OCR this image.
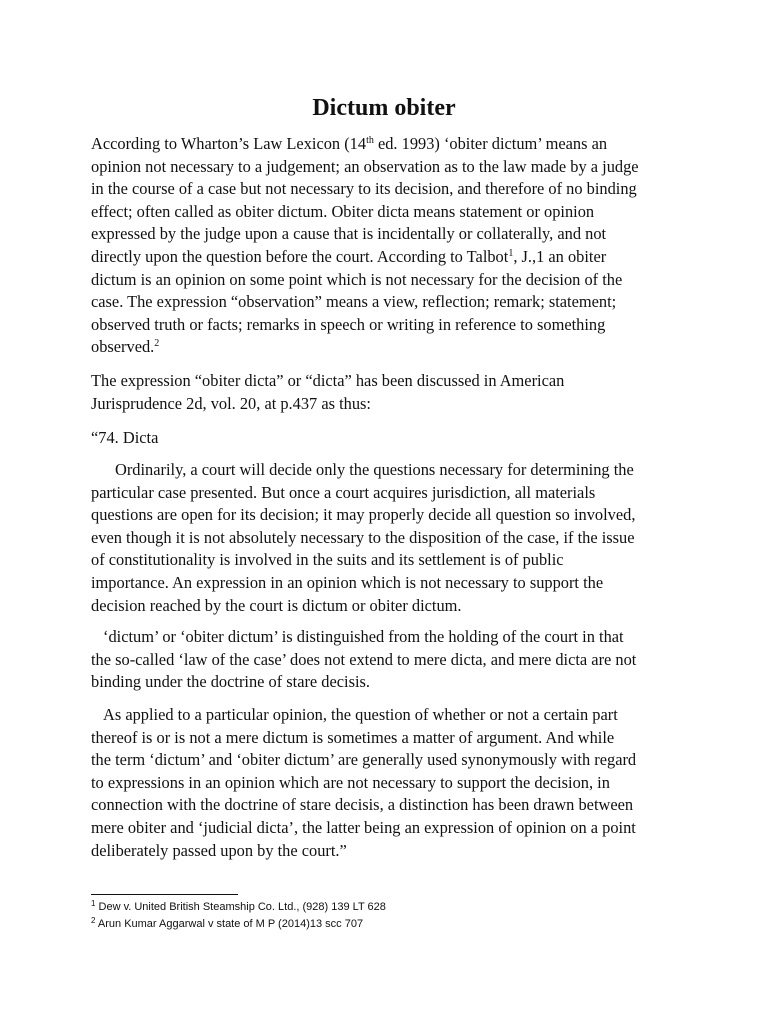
Dictum obiter
According to Wharton’s Law Lexicon (14th ed. 1993) ‘obiter dictum’ means an
opinion not necessary to a judgement; an observation as to the law made by a judge
in the course of a case but not necessary to its decision, and therefore of no binding
effect; often called as obiter dictum. Obiter dicta means statement or opinion
expressed by the judge upon a cause that is incidentally or collaterally, and not
directly upon the question before the court. According to Talbot$^1$, J.,1 an obiter
dictum is an opinion on some point which is not necessary for the decision of the
case. The expression “observation” means a view, reflection; remark; statement;
observed truth or facts; remarks in speech or writing in reference to something
observed.$^2$
The expression “obiter dicta” or “dicta” has been discussed in American
Jurisprudence 2d, vol. 20, at p.437 as thus:
“74. Dicta
Ordinarily, a court will decide only the questions necessary for determining the
particular case presented. But once a court acquires jurisdiction, all materials
questions are open for its decision; it may properly decide all question so involved,
even though it is not absolutely necessary to the disposition of the case, if the issue
of constitutionality is involved in the suits and its settlement is of public
importance. An expression in an opinion which is not necessary to support the
decision reached by the court is dictum or obiter dictum.
‘dictum’ or ‘obiter dictum’ is distinguished from the holding of the court in that
the so-called ‘law of the case’ does not extend to mere dicta, and mere dicta are not
binding under the doctrine of stare decisis.
As applied to a particular opinion, the question of whether or not a certain part
thereof is or is not a mere dictum is sometimes a matter of argument. And while
the term ‘dictum’ and ‘obiter dictum’ are generally used synonymously with regard
to expressions in an opinion which are not necessary to support the decision, in
connection with the doctrine of stare decisis, a distinction has been drawn between
mere obiter and ‘judicial dicta’, the latter being an expression of opinion on a point
deliberately passed upon by the court.”
$^1$ Dew v. United British Steamship Co. Ltd., (928) 139 LT 628
$^2$ Arun Kumar Aggarwal v state of M P (2014)13 scc 707
